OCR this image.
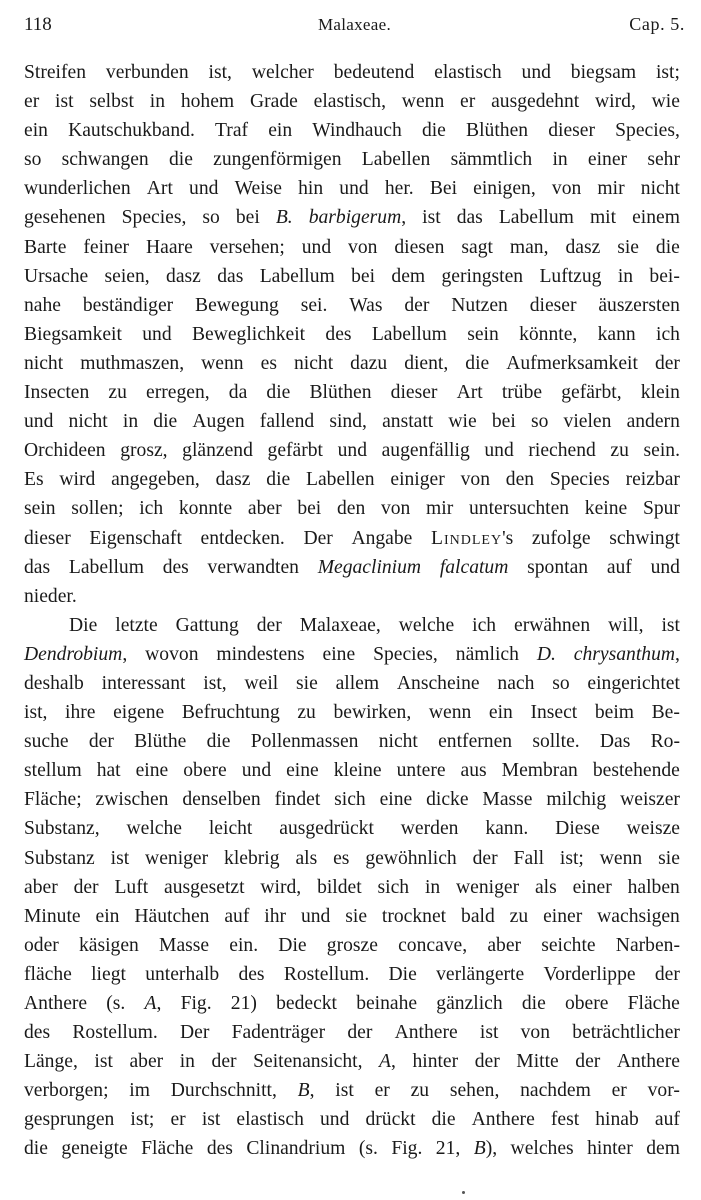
118	Malaxeae.	Cap. 5.
Streifen verbunden ist, welcher bedeutend elastisch und biegsam ist;
er ist selbst in hohem Grade elastisch, wenn er ausgedehnt wird, wie
ein Kautschukband. Traf ein Windhauch die Blüthen dieser Species,
so schwangen die zungenförmigen Labellen sämmtlich in einer sehr
wunderlichen Art und Weise hin und her. Bei einigen, von mir nicht
gesehenen Species, so bei B. barbigerum, ist das Labellum mit einem
Barte feiner Haare versehen; und von diesen sagt man, dasz sie die
Ursache seien, dasz das Labellum bei dem geringsten Luftzug in bei-
nahe beständiger Bewegung sei. Was der Nutzen dieser äuszersten
Biegsamkeit und Beweglichkeit des Labellum sein könnte, kann ich
nicht muthmaszen, wenn es nicht dazu dient, die Aufmerksamkeit der
Insecten zu erregen, da die Blüthen dieser Art trübe gefärbt, klein
und nicht in die Augen fallend sind, anstatt wie bei so vielen andern
Orchideen grosz, glänzend gefärbt und augenfällig und riechend zu sein.
Es wird angegeben, dasz die Labellen einiger von den Species reizbar
sein sollen; ich konnte aber bei den von mir untersuchten keine Spur
dieser Eigenschaft entdecken. Der Angabe Lindley's zufolge schwingt
das Labellum des verwandten Megaclinium falcatum spontan auf und
nieder.
Die letzte Gattung der Malaxeae, welche ich erwähnen will, ist
Dendrobium, wovon mindestens eine Species, nämlich D. chrysanthum,
deshalb interessant ist, weil sie allem Anscheine nach so eingerichtet
ist, ihre eigene Befruchtung zu bewirken, wenn ein Insect beim Be-
suche der Blüthe die Pollenmassen nicht entfernen sollte. Das Ro-
stellum hat eine obere und eine kleine untere aus Membran bestehende
Fläche; zwischen denselben findet sich eine dicke Masse milchig weiszer
Substanz, welche leicht ausgedrückt werden kann. Diese weisze
Substanz ist weniger klebrig als es gewöhnlich der Fall ist; wenn sie
aber der Luft ausgesetzt wird, bildet sich in weniger als einer halben
Minute ein Häutchen auf ihr und sie trocknet bald zu einer wachsigen
oder käsigen Masse ein. Die grosze concave, aber seichte Narben-
fläche liegt unterhalb des Rostellum. Die verlängerte Vorderlippe der
Anthere (s. A, Fig. 21) bedeckt beinahe gänzlich die obere Fläche
des Rostellum. Der Fadenträger der Anthere ist von beträchtlicher
Länge, ist aber in der Seitenansicht, A, hinter der Mitte der Anthere
verborgen; im Durchschnitt, B, ist er zu sehen, nachdem er vor-
gesprungen ist; er ist elastisch und drückt die Anthere fest hinab auf
die geneigte Fläche des Clinandrium (s. Fig. 21, B), welches hinter dem
